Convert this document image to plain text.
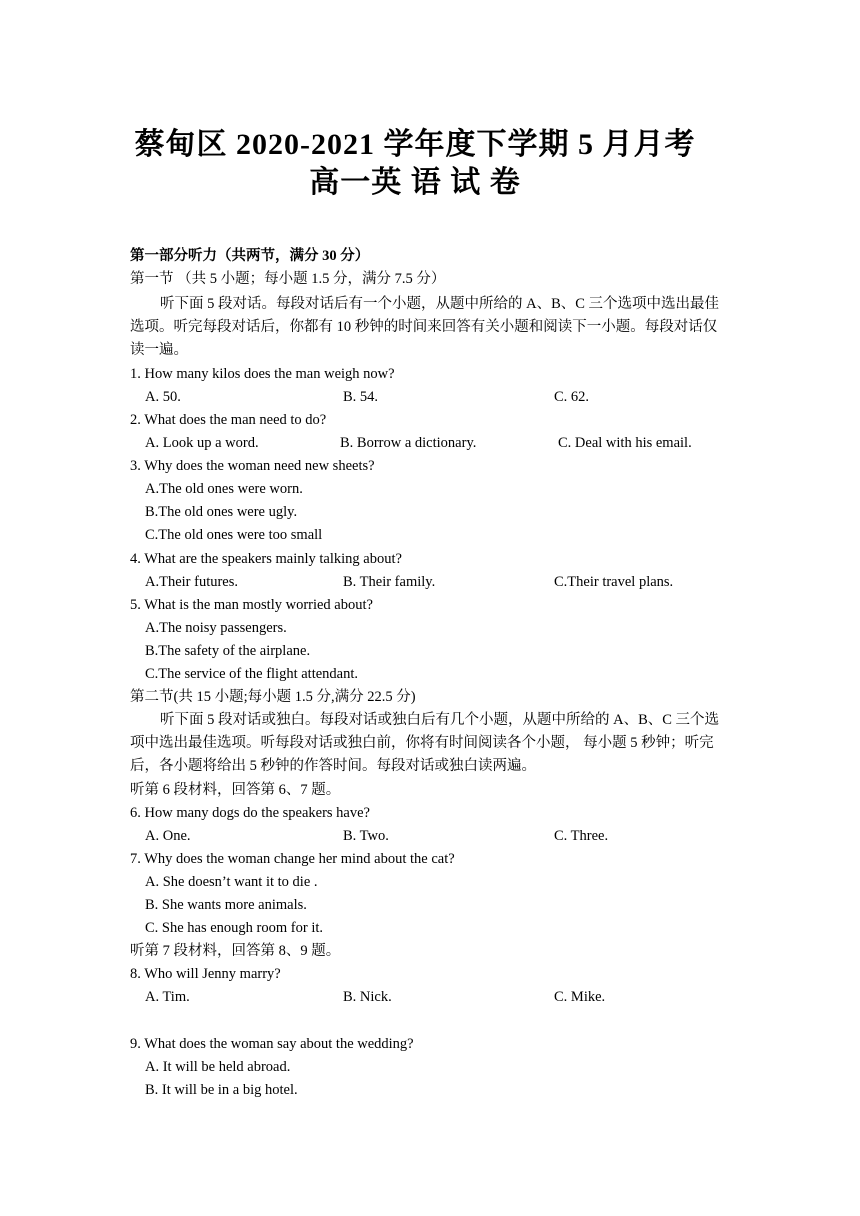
蔡甸区 2020-2021 学年度下学期 5 月月考
高一英 语 试 卷
第一部分听力（共两节，满分 30 分）
第一节 （共 5 小题；每小题 1.5 分，满分 7.5 分）
听下面 5 段对话。每段对话后有一个小题，从题中所给的 A、B、C 三个选项中选出最佳选项。听完每段对话后，你都有 10 秒钟的时间来回答有关小题和阅读下一小题。每段对话仅读一遍。
1. How many kilos does the man weigh now?
A. 50.	B. 54.	C. 62.
2. What does the man need to do?
A. Look up a word.	B. Borrow a dictionary.	C. Deal with his email.
3. Why does the woman need new sheets?
A.The old ones were worn.
B.The old ones were ugly.
C.The old ones were too small
4. What are the speakers mainly talking about?
A.Their futures.	B. Their family.	C.Their travel plans.
5. What is the man mostly worried about?
A.The noisy passengers.
B.The safety of the airplane.
C.The service of the flight attendant.
第二节(共 15 小题;每小题 1.5 分,满分 22.5 分)
听下面 5 段对话或独白。每段对话或独白后有几个小题，从题中所给的 A、B、C 三个选项中选出最佳选项。听每段对话或独白前，你将有时间阅读各个小题， 每小题 5 秒钟；听完后，各小题将给出 5 秒钟的作答时间。每段对话或独白读两遍。
听第 6 段材料，回答第 6、7 题。
6. How many dogs do the speakers have?
A. One.	B. Two.	C. Three.
7. Why does the woman change her mind about the cat?
A. She doesn’t want it to die .
B. She wants more animals.
C. She has enough room for it.
听第 7 段材料，回答第 8、9 题。
8. Who will Jenny marry?
A. Tim.	B. Nick.	C. Mike.
9. What does the woman say about the wedding?
A. It will be held abroad.
B. It will be in a big hotel.
